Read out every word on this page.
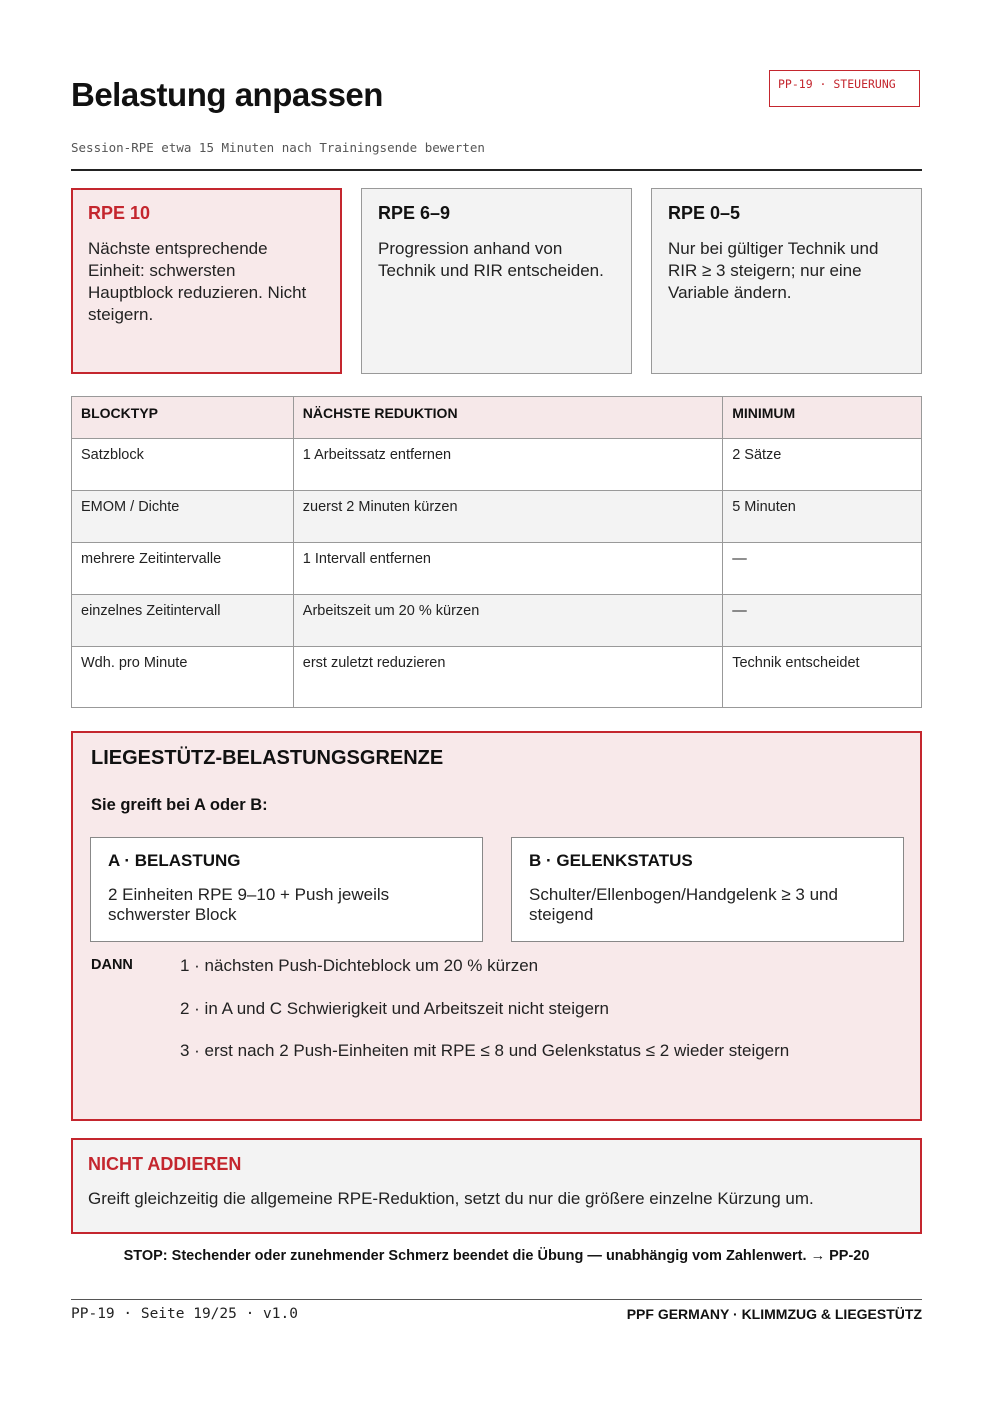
Belastung anpassen	PP-19 · STEUERUNG
Session-RPE etwa 15 Minuten nach Trainingsende bewerten
RPE 10

Nächste entsprechende Einheit: schwersten Hauptblock reduzieren. Nicht steigern.

RPE 6–9

Progression anhand von Technik und RIR entscheiden.

RPE 0–5

Nur bei gültiger Technik und RIR ≥ 3 steigern; nur eine Variable ändern.

BLOCKTYP	NÄCHSTE REDUKTION	MINIMUM
Satzblock	1 Arbeitssatz entfernen	2 Sätze
EMOM / Dichte	zuerst 2 Minuten kürzen	5 Minuten
mehrere Zeitintervalle	1 Intervall entfernen	—
einzelnes Zeitintervall	Arbeitszeit um 20 % kürzen	—
Wdh. pro Minute	erst zuletzt reduzieren	Technik entscheidet
LIEGESTÜTZ-BELASTUNGSGRENZE
Sie greift bei A oder B:
A · BELASTUNG

2 Einheiten RPE 9–10 + Push jeweils schwerster Block

B · GELENKSTATUS

Schulter/Ellenbogen/Handgelenk ≥ 3 und steigend

DANN	1 · nächsten Push-Dichteblock um 20 % kürzen
2 · in A und C Schwierigkeit und Arbeitszeit nicht steigern
3 · erst nach 2 Push-Einheiten mit RPE ≤ 8 und Gelenkstatus ≤ 2 wieder steigern
NICHT ADDIEREN

Greift gleichzeitig die allgemeine RPE-Reduktion, setzt du nur die größere einzelne Kürzung um.

STOP: Stechender oder zunehmender Schmerz beendet die Übung — unabhängig vom Zahlenwert. → PP-20
PP-19 · Seite 19/25 · v1.0	PPF GERMANY · KLIMMZUG & LIEGESTÜTZ
